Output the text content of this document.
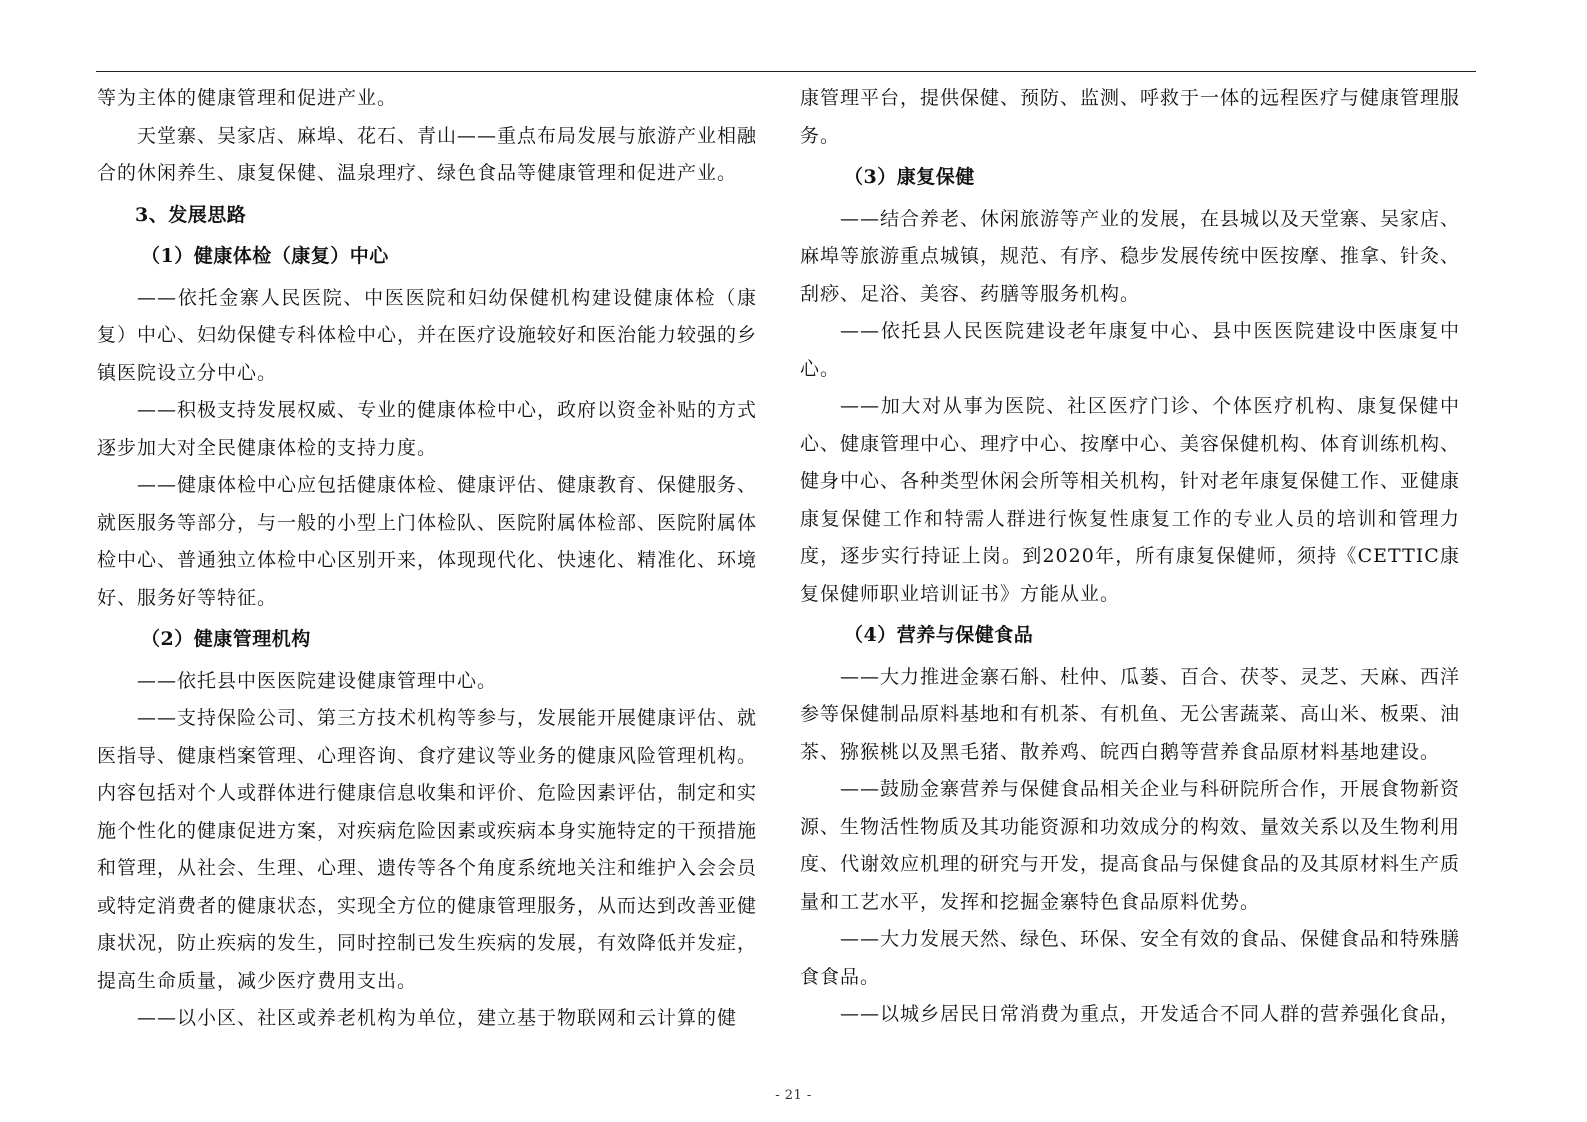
等为主体的健康管理和促进产业。
天堂寨、吴家店、麻埠、花石、青山——重点布局发展与旅游产业相融合的休闲养生、康复保健、温泉理疗、绿色食品等健康管理和促进产业。
3、发展思路
（1）健康体检（康复）中心
——依托金寨人民医院、中医医院和妇幼保健机构建设健康体检（康复）中心、妇幼保健专科体检中心，并在医疗设施较好和医治能力较强的乡镇医院设立分中心。
——积极支持发展权威、专业的健康体检中心，政府以资金补贴的方式逐步加大对全民健康体检的支持力度。
——健康体检中心应包括健康体检、健康评估、健康教育、保健服务、就医服务等部分，与一般的小型上门体检队、医院附属体检部、医院附属体检中心、普通独立体检中心区别开来，体现现代化、快速化、精准化、环境好、服务好等特征。
（2）健康管理机构
——依托县中医医院建设健康管理中心。
——支持保险公司、第三方技术机构等参与，发展能开展健康评估、就医指导、健康档案管理、心理咨询、食疗建议等业务的健康风险管理机构。内容包括对个人或群体进行健康信息收集和评价、危险因素评估，制定和实施个性化的健康促进方案，对疾病危险因素或疾病本身实施特定的干预措施和管理，从社会、生理、心理、遗传等各个角度系统地关注和维护入会会员或特定消费者的健康状态，实现全方位的健康管理服务，从而达到改善亚健康状况，防止疾病的发生，同时控制已发生疾病的发展，有效降低并发症， 提高生命质量，减少医疗费用支出。
——以小区、社区或养老机构为单位，建立基于物联网和云计算的健
康管理平台，提供保健、预防、监测、呼救于一体的远程医疗与健康管理服务。
（3）康复保健
——结合养老、休闲旅游等产业的发展，在县城以及天堂寨、吴家店、麻埠等旅游重点城镇，规范、有序、稳步发展传统中医按摩、推拿、针灸、刮痧、足浴、美容、药膳等服务机构。
——依托县人民医院建设老年康复中心、县中医医院建设中医康复中心。
——加大对从事为医院、社区医疗门诊、个体医疗机构、康复保健中心、健康管理中心、理疗中心、按摩中心、美容保健机构、体育训练机构、健身中心、各种类型休闲会所等相关机构，针对老年康复保健工作、亚健康康复保健工作和特需人群进行恢复性康复工作的专业人员的培训和管理力度，逐步实行持证上岗。到2020年，所有康复保健师，须持《CETTIC康复保健师职业培训证书》方能从业。
（4）营养与保健食品
——大力推进金寨石斛、杜仲、瓜蒌、百合、茯苓、灵芝、天麻、西洋参等保健制品原料基地和有机茶、有机鱼、无公害蔬菜、高山米、板栗、油茶、猕猴桃以及黑毛猪、散养鸡、皖西白鹅等营养食品原材料基地建设。
——鼓励金寨营养与保健食品相关企业与科研院所合作，开展食物新资源、生物活性物质及其功能资源和功效成分的构效、量效关系以及生物利用度、代谢效应机理的研究与开发，提高食品与保健食品的及其原材料生产质量和工艺水平，发挥和挖掘金寨特色食品原料优势。
——大力发展天然、绿色、环保、安全有效的食品、保健食品和特殊膳食食品。
——以城乡居民日常消费为重点，开发适合不同人群的营养强化食品，
- 21 -
